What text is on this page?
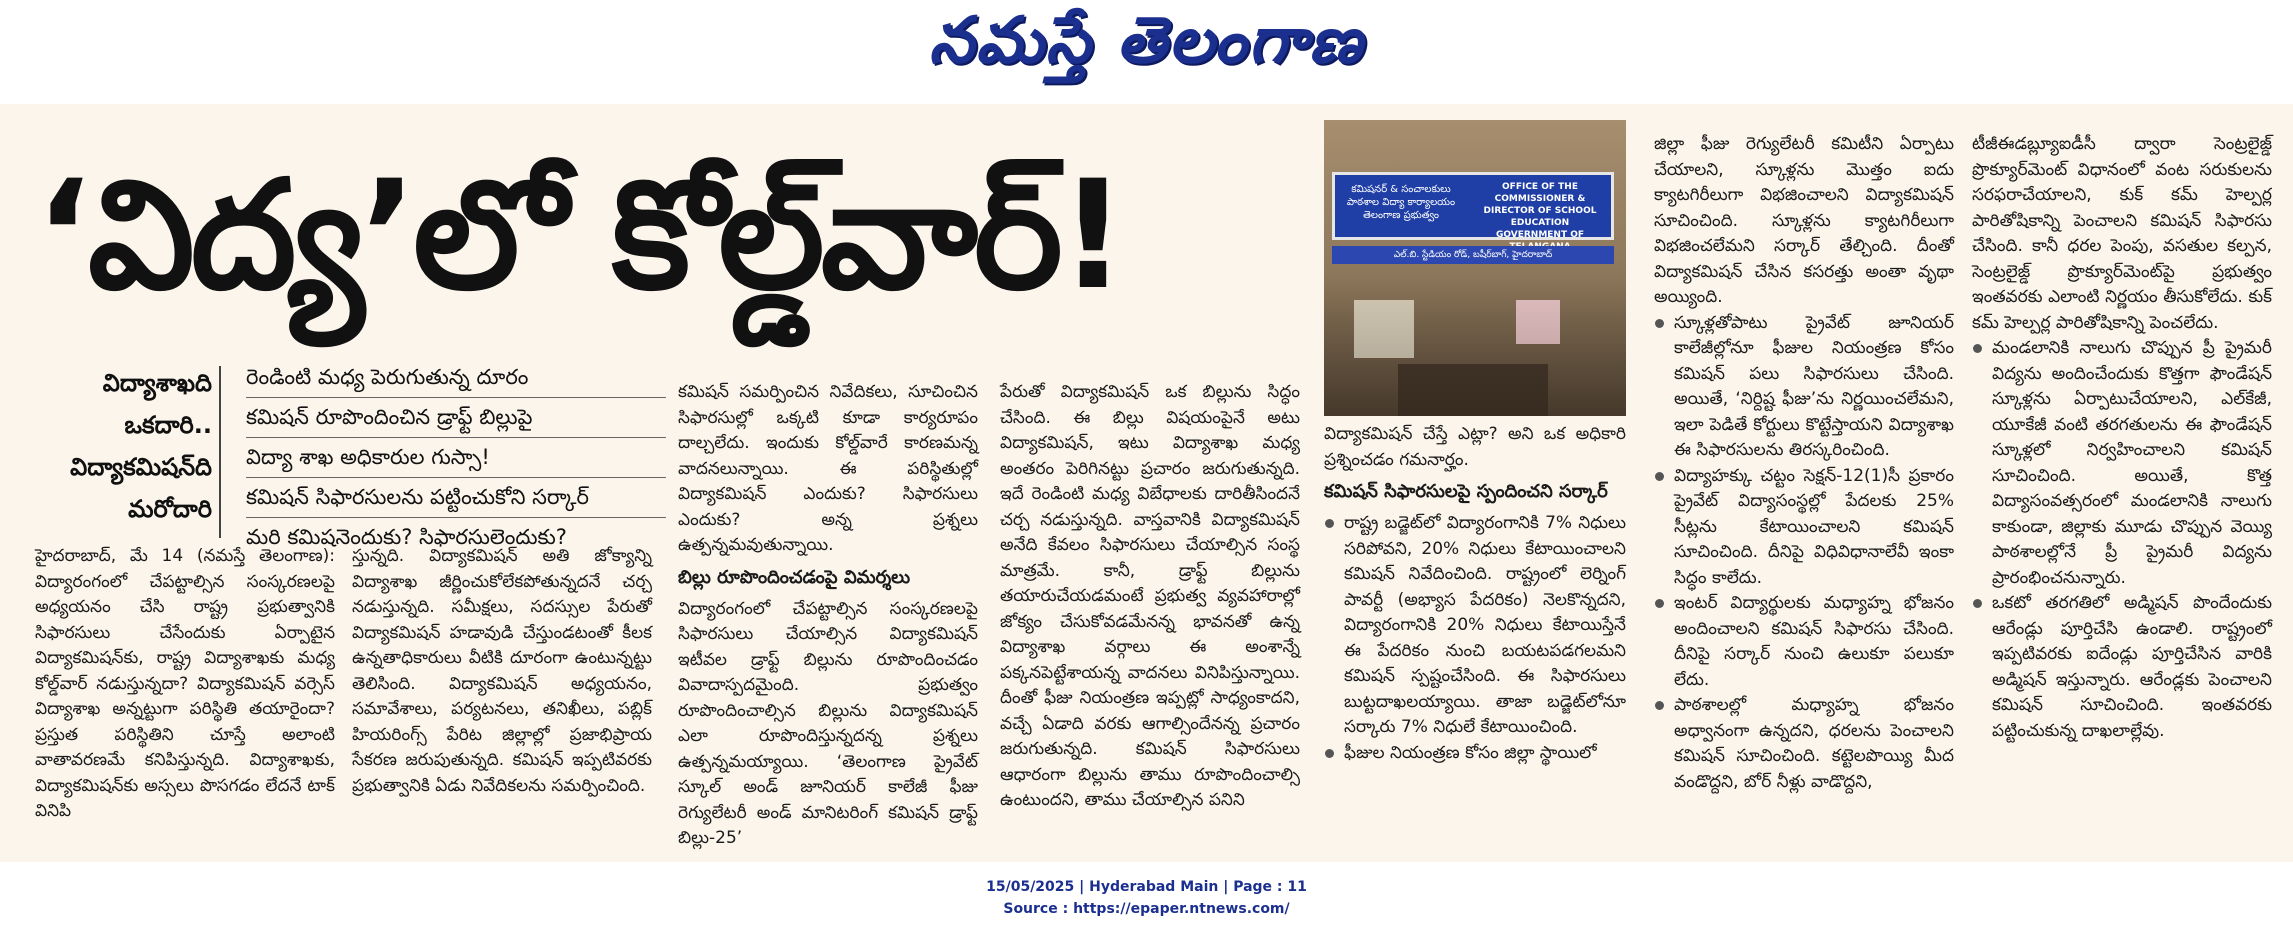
నమస్తే తెలంగాణ
‘విద్య’లో కోల్డ్‌వార్!
విద్యాశాఖది
ఒకదారి..
విద్యాకమిషన్‌ది
మరోదారి
రెండింటి మధ్య పెరుగుతున్న దూరం
కమిషన్ రూపొందించిన డ్రాఫ్ట్ బిల్లుపై
విద్యా శాఖ అధికారుల గుస్సా!
కమిషన్ సిఫారసులను పట్టించుకోని సర్కార్
మరి కమిషనెందుకు? సిఫారసులెందుకు?

హైదరాబాద్, మే 14 (నమస్తే తెలంగాణ): విద్యారంగంలో చేపట్టాల్సిన సంస్కరణలపై అధ్యయనం చేసి రాష్ట్ర ప్రభుత్వానికి సిఫారసులు చేసేందుకు ఏర్పాటైన విద్యాకమిషన్‌కు, రాష్ట్ర విద్యాశాఖకు మధ్య కోల్డ్‌వార్ నడుస్తున్నదా? విద్యాకమిషన్ వర్సెస్ విద్యాశాఖ అన్నట్టుగా పరిస్థితి తయారైందా? ప్రస్తుత పరిస్థితిని చూస్తే అలాంటి వాతావరణమే కనిపిస్తున్నది. విద్యాశాఖకు, విద్యాకమిషన్‌కు అస్సలు పొసగడం లేదనే టాక్ వినిపి

స్తున్నది. విద్యాకమిషన్ అతి జోక్యాన్ని విద్యాశాఖ జీర్ణించుకోలేకపోతున్నదనే చర్చ నడుస్తున్నది. సమీక్షలు, సదస్సుల పేరుతో విద్యాకమిషన్ హడావుడి చేస్తుండటంతో కీలక ఉన్నతాధికారులు వీటికి దూరంగా ఉంటున్నట్టు తెలిసింది. విద్యాకమిషన్ అధ్యయనం, సమావేశాలు, పర్యటనలు, తనిఖీలు, పబ్లిక్ హియరింగ్స్ పేరిట జిల్లాల్లో ప్రజాభిప్రాయ సేకరణ జరుపుతున్నది. కమిషన్ ఇప్పటివరకు ప్రభుత్వానికి ఏడు నివేదికలను సమర్పించింది.

కమిషన్ సమర్పించిన నివేదికలు, సూచించిన సిఫారసుల్లో ఒక్కటి కూడా కార్యరూపం దాల్చలేదు. ఇందుకు కోల్డ్‌వారే కారణమన్న వాదనలున్నాయి. ఈ పరిస్థితుల్లో విద్యాకమిషన్ ఎందుకు? సిఫారసులు ఎందుకు? అన్న ప్రశ్నలు ఉత్పన్నమవుతున్నాయి.

బిల్లు రూపొందించడంపై విమర్శలు

విద్యారంగంలో చేపట్టాల్సిన సంస్కరణలపై సిఫారసులు చేయాల్సిన విద్యాకమిషన్ ఇటీవల డ్రాఫ్ట్ బిల్లును రూపొందించడం వివాదాస్పదమైంది. ప్రభుత్వం రూపొందించాల్సిన బిల్లును విద్యాకమిషన్ ఎలా రూపొందిస్తున్నదన్న ప్రశ్నలు ఉత్పన్నమయ్యాయి. ‘తెలంగాణ ప్రైవేట్ స్కూల్ అండ్ జూనియర్ కాలేజీ ఫీజు రెగ్యులేటరీ అండ్ మానిటరింగ్ కమిషన్ డ్రాఫ్ట్ బిల్లు-25’

పేరుతో విద్యాకమిషన్ ఒక బిల్లును సిద్ధం చేసింది. ఈ బిల్లు విషయంపైనే అటు విద్యాకమిషన్, ఇటు విద్యాశాఖ మధ్య అంతరం పెరిగినట్టు ప్రచారం జరుగుతున్నది. ఇదే రెండింటి మధ్య విబేధాలకు దారితీసిందనే చర్చ నడుస్తున్నది. వాస్తవానికి విద్యాకమిషన్ అనేది కేవలం సిఫారసులు చేయాల్సిన సంస్థ మాత్రమే. కానీ, డ్రాఫ్ట్ బిల్లును తయారుచేయడమంటే ప్రభుత్వ వ్యవహారాల్లో జోక్యం చేసుకోవడమేనన్న భావనతో ఉన్న విద్యాశాఖ వర్గాలు ఈ అంశాన్నే పక్కనపెట్టేశాయన్న వాదనలు వినిపిస్తున్నాయి. దీంతో ఫీజు నియంత్రణ ఇప్పట్లో సాధ్యంకాదని, వచ్చే ఏడాది వరకు ఆగాల్సిందేనన్న ప్రచారం జరుగుతున్నది. కమిషన్ సిఫారసులు ఆధారంగా బిల్లును తాము రూపొందించాల్సి ఉంటుందని, తాము చేయాల్సిన పనిని

కమిషనర్ & సంచాలకులు పాఠశాల విద్యా కార్యాలయం తెలంగాణ ప్రభుత్వం
OFFICE OF THE
COMMISSIONER & DIRECTOR OF SCHOOL EDUCATION GOVERNMENT OF
ఎల్.బి. స్టేడియం రోడ్, బషీర్‌బాగ్, హైదరాబాద్

విద్యాకమిషన్ చేస్తే ఎట్లా? అని ఒక అధికారి ప్రశ్నించడం గమనార్హం.

కమిషన్ సిఫారసులపై స్పందించని సర్కార్

రాష్ట్ర బడ్జెట్‌లో విద్యారంగానికి 7% నిధులు సరిపోవని, 20% నిధులు కేటాయించాలని కమిషన్ నివేదించింది. రాష్ట్రంలో లెర్నింగ్ పావర్టీ (అభ్యాస పేదరికం) నెలకొన్నదని, విద్యారంగానికి 20% నిధులు కేటాయిస్తేనే ఈ పేదరికం నుంచి బయటపడగలమని కమిషన్ స్పష్టంచేసింది. ఈ సిఫారసులు బుట్టదాఖలయ్యాయి. తాజా బడ్జెట్‌లోనూ సర్కారు 7% నిధులే కేటాయించింది.

ఫీజుల నియంత్రణ కోసం జిల్లా స్థాయిలో

జిల్లా ఫీజు రెగ్యులేటరీ కమిటీని ఏర్పాటు చేయాలని, స్కూళ్లను మొత్తం ఐదు క్యాటగిరీలుగా విభజించాలని విద్యాకమిషన్ సూచించింది. స్కూళ్లను క్యాటగిరీలుగా విభజించలేమని సర్కార్ తేల్చింది. దీంతో విద్యాకమిషన్ చేసిన కసరత్తు అంతా వృథా అయ్యింది.

స్కూళ్లతోపాటు ప్రైవేట్ జూనియర్ కాలేజీల్లోనూ ఫీజుల నియంత్రణ కోసం కమిషన్ పలు సిఫారసులు చేసింది. అయితే, ‘నిర్దిష్ట ఫీజు’ను నిర్ణయించలేమని, ఇలా పెడితే కోర్టులు కొట్టేస్తాయని విద్యాశాఖ ఈ సిఫారసులను తిరస్కరించింది.

విద్యాహక్కు చట్టం సెక్షన్-12(1)సీ ప్రకారం ప్రైవేట్ విద్యాసంస్థల్లో పేదలకు 25% సీట్లను కేటాయించాలని కమిషన్ సూచించింది. దీనిపై విధివిధానాలేవీ ఇంకా సిద్ధం కాలేదు.

ఇంటర్ విద్యార్థులకు మధ్యాహ్న భోజనం అందించాలని కమిషన్ సిఫారసు చేసింది. దీనిపై సర్కార్ నుంచి ఉలుకూ పలుకూ లేదు.

పాఠశాలల్లో మధ్యాహ్న భోజనం అధ్వానంగా ఉన్నదని, ధరలను పెంచాలని కమిషన్ సూచించింది. కట్టెలపొయ్యి మీద వండొద్దని, బోర్ నీళ్లు వాడొద్దని,

టీజీఈడబ్ల్యూఐడీసీ ద్వారా సెంట్రలైజ్డ్ ప్రొక్యూర్‌మెంట్ విధానంలో వంట సరుకులను సరఫరాచేయాలని, కుక్ కమ్ హెల్పర్ల పారితోషికాన్ని పెంచాలని కమిషన్ సిఫారసు చేసింది. కానీ ధరల పెంపు, వసతుల కల్పన, సెంట్రలైజ్డ్ ప్రొక్యూర్‌మెంట్‌పై ప్రభుత్వం ఇంతవరకు ఎలాంటి నిర్ణయం తీసుకోలేదు. కుక్ కమ్ హెల్పర్ల పారితోషికాన్ని పెంచలేదు.

మండలానికి నాలుగు చొప్పున ప్రీ ప్రైమరీ విద్యను అందించేందుకు కొత్తగా ఫౌండేషన్ స్కూళ్లను ఏర్పాటుచేయాలని, ఎల్‌కేజీ, యూకేజీ వంటి తరగతులను ఈ ఫౌండేషన్ స్కూళ్లలో నిర్వహించాలని కమిషన్ సూచించింది. అయితే, కొత్త విద్యాసంవత్సరంలో మండలానికి నాలుగు కాకుండా, జిల్లాకు మూడు చొప్పున వెయ్యి పాఠశాలల్లోనే ప్రీ ప్రైమరీ విద్యను ప్రారంభించనున్నారు.

ఒకటో తరగతిలో అడ్మిషన్ పొందేందుకు ఆరేండ్లు పూర్తిచేసి ఉండాలి. రాష్ట్రంలో ఇప్పటివరకు ఐదేండ్లు పూర్తిచేసిన వారికి అడ్మిషన్ ఇస్తున్నారు. ఆరేండ్లకు పెంచాలని కమిషన్ సూచించింది. ఇంతవరకు పట్టించుకున్న దాఖలాల్లేవు.

15/05/2025 | Hyderabad Main | Page : 11
Source : https://epaper.ntnews.com/
